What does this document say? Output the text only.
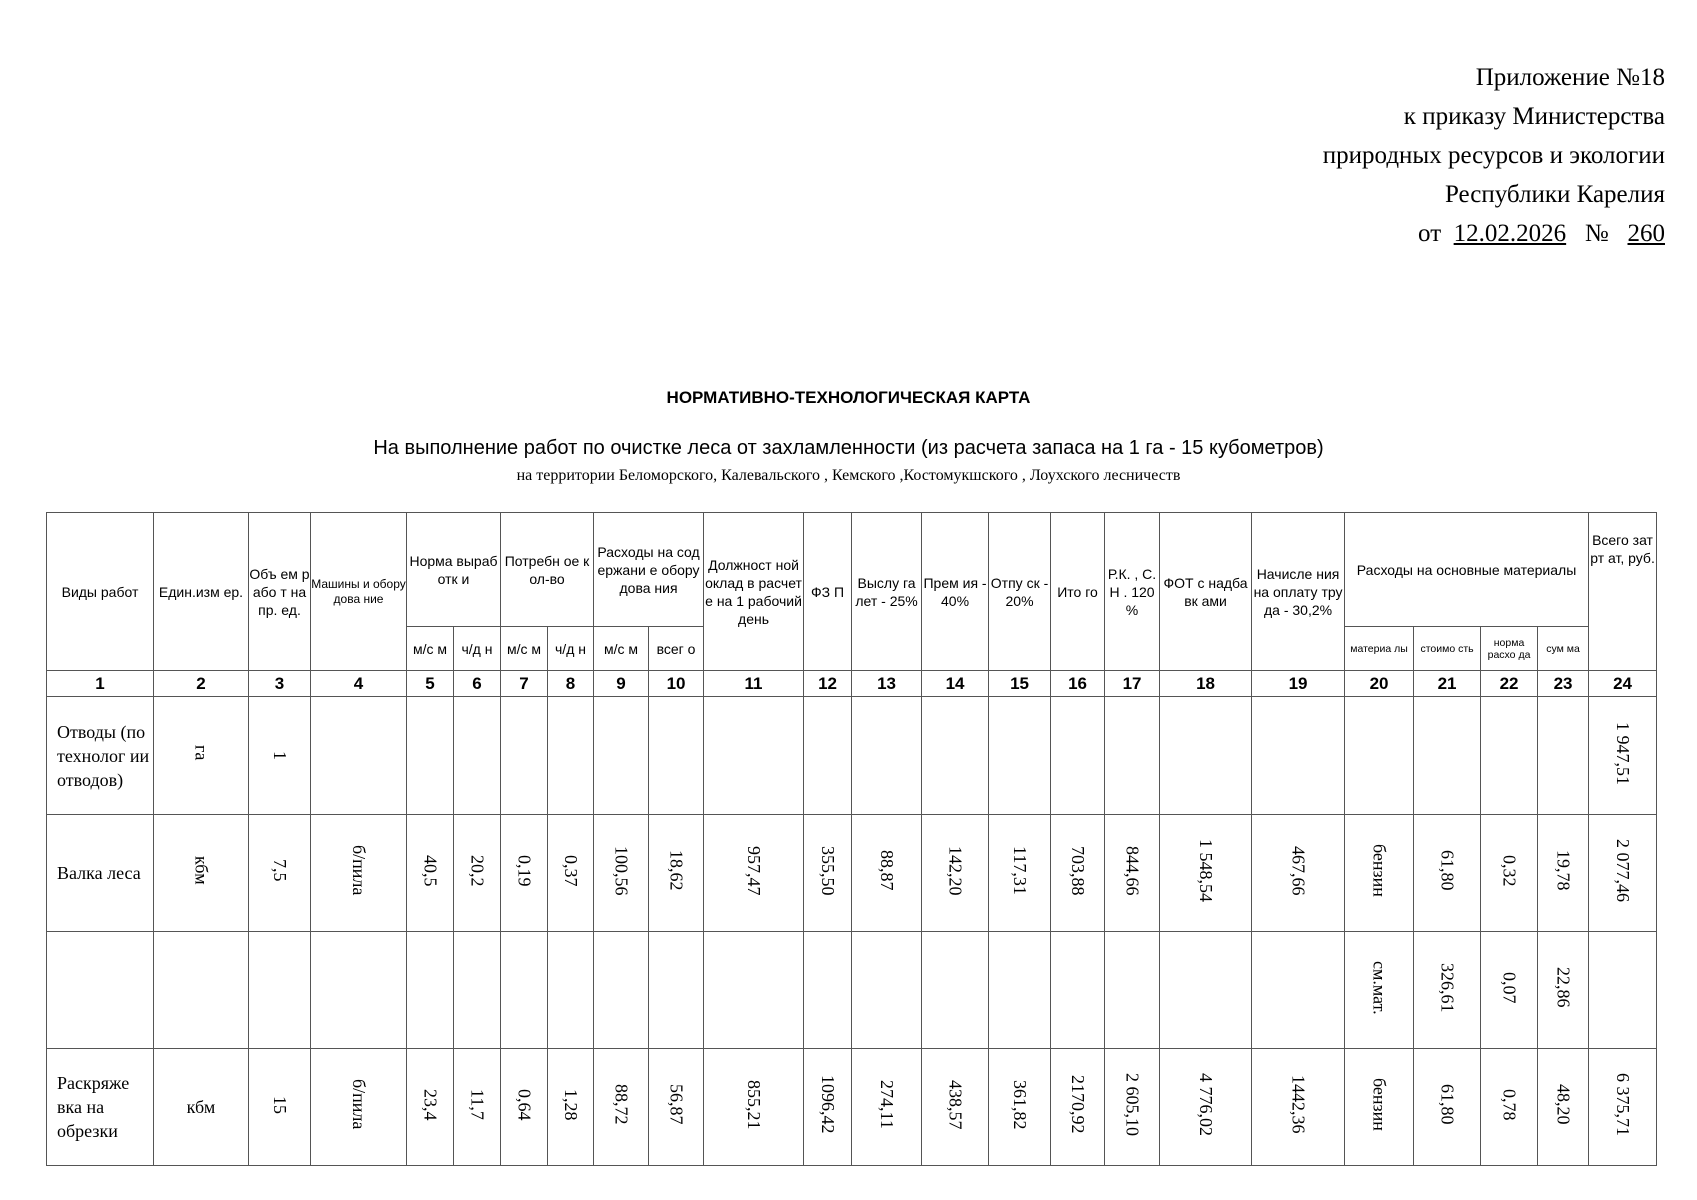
Приложение №18
к приказу Министерства
природных ресурсов и экологии
Республики Карелия
от 12.02.2026 № 260
НОРМАТИВНО-ТЕХНОЛОГИЧЕСКАЯ КАРТА
На выполнение работ по очистке леса от захламленности (из расчета запаса на 1 га - 15 кубометров)
на территории Беломорского, Калевальского , Кемского ,Костомукшского , Лоухского лесничеств
Виды работ	Един.изм ер.	Объ ем рабо т на пр. ед.	Машины и оборудова ние	Норма выработк и		Потребн ое кол-во		Расходы на содержани е оборудова ния		Должност ной оклад в расчете на 1 рабочий день	ФЗ П	Выслу га лет - 25%	Прем ия - 40%	Отпу ск - 20%	Ито го	Р.К. , С.Н . 120 %	ФОТ с надбавк ами	Начисле ния на оплату труда - 30,2%	Расходы на основные материалы				Всего затрт ат, руб.
				м/с м	ч/д н	м/с м	ч/д н	м/с м	всег о										материа лы	стоимо сть	норма расхо да	сум ма	
1	2	3	4	5	6	7	8	9	10	11	12	13	14	15	16	17	18	19	20	21	22	23	24
Отводы (по технолог ии отводов)	га	1																					1 947,51
Валка леса	кбм	7,5	б/пила	40,5	20,2	0,19	0,37	100,56	18,62	957,47	355,50	88,87	142,20	117,31	703,88	844,66	1 548,54	467,66	бензин	61,80	0,32	19,78	2 077,46
																			см.мат.	326,61	0,07	22,86	
Раскряже вка на обрезки	кбм	15	б/пила	23,4	11,7	0,64	1,28	88,72	56,87	855,21	1096,42	274,11	438,57	361,82	2170,92	2 605,10	4 776,02	1442,36	бензин	61,80	0,78	48,20	6 375,71
